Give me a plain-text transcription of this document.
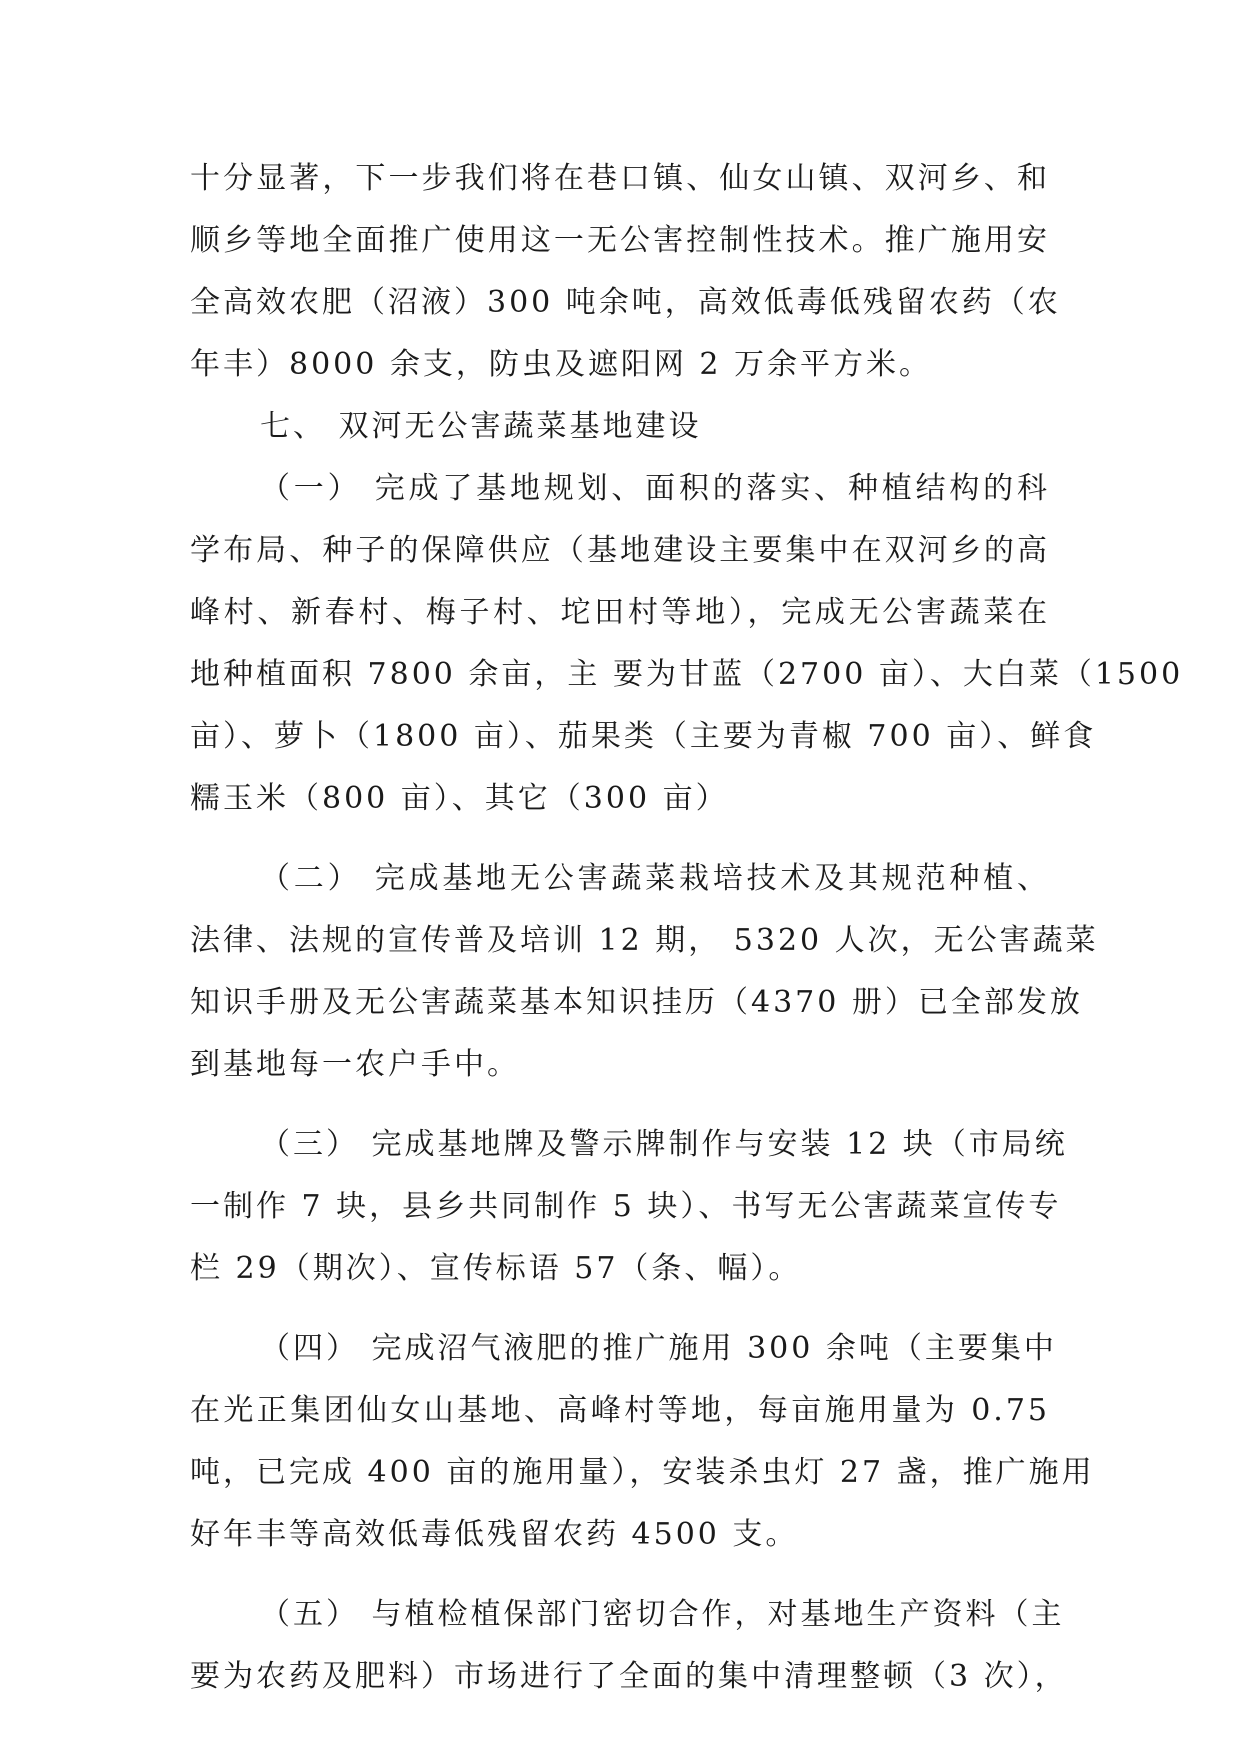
十分显著，下一步我们将在巷口镇、仙女山镇、双河乡、和
顺乡等地全面推广使用这一无公害控制性技术。推广施用安
全高效农肥（沼液）300 吨余吨，高效低毒低残留农药（农
年丰）8000 余支，防虫及遮阳网 2 万余平方米。
七、 双河无公害蔬菜基地建设
（一） 完成了基地规划、面积的落实、种植结构的科
学布局、种子的保障供应（基地建设主要集中在双河乡的高
峰村、新春村、梅子村、坨田村等地），完成无公害蔬菜在
地种植面积 7800 余亩，主 要为甘蓝（2700 亩）、大白菜（1500
亩）、萝卜（1800 亩）、茄果类（主要为青椒 700 亩）、鲜食
糯玉米（800 亩）、其它（300 亩）
（二） 完成基地无公害蔬菜栽培技术及其规范种植、
法律、法规的宣传普及培训 12 期， 5320 人次，无公害蔬菜
知识手册及无公害蔬菜基本知识挂历（4370 册）已全部发放
到基地每一农户手中。
（三） 完成基地牌及警示牌制作与安装 12 块（市局统
一制作 7 块，县乡共同制作 5 块）、书写无公害蔬菜宣传专
栏 29（期次）、宣传标语 57（条、幅）。
（四） 完成沼气液肥的推广施用 300 余吨（主要集中
在光正集团仙女山基地、高峰村等地，每亩施用量为 0.75
吨，已完成 400 亩的施用量），安装杀虫灯 27 盏，推广施用
好年丰等高效低毒低残留农药 4500 支。
（五） 与植检植保部门密切合作，对基地生产资料（主
要为农药及肥料）市场进行了全面的集中清理整顿（3 次），
